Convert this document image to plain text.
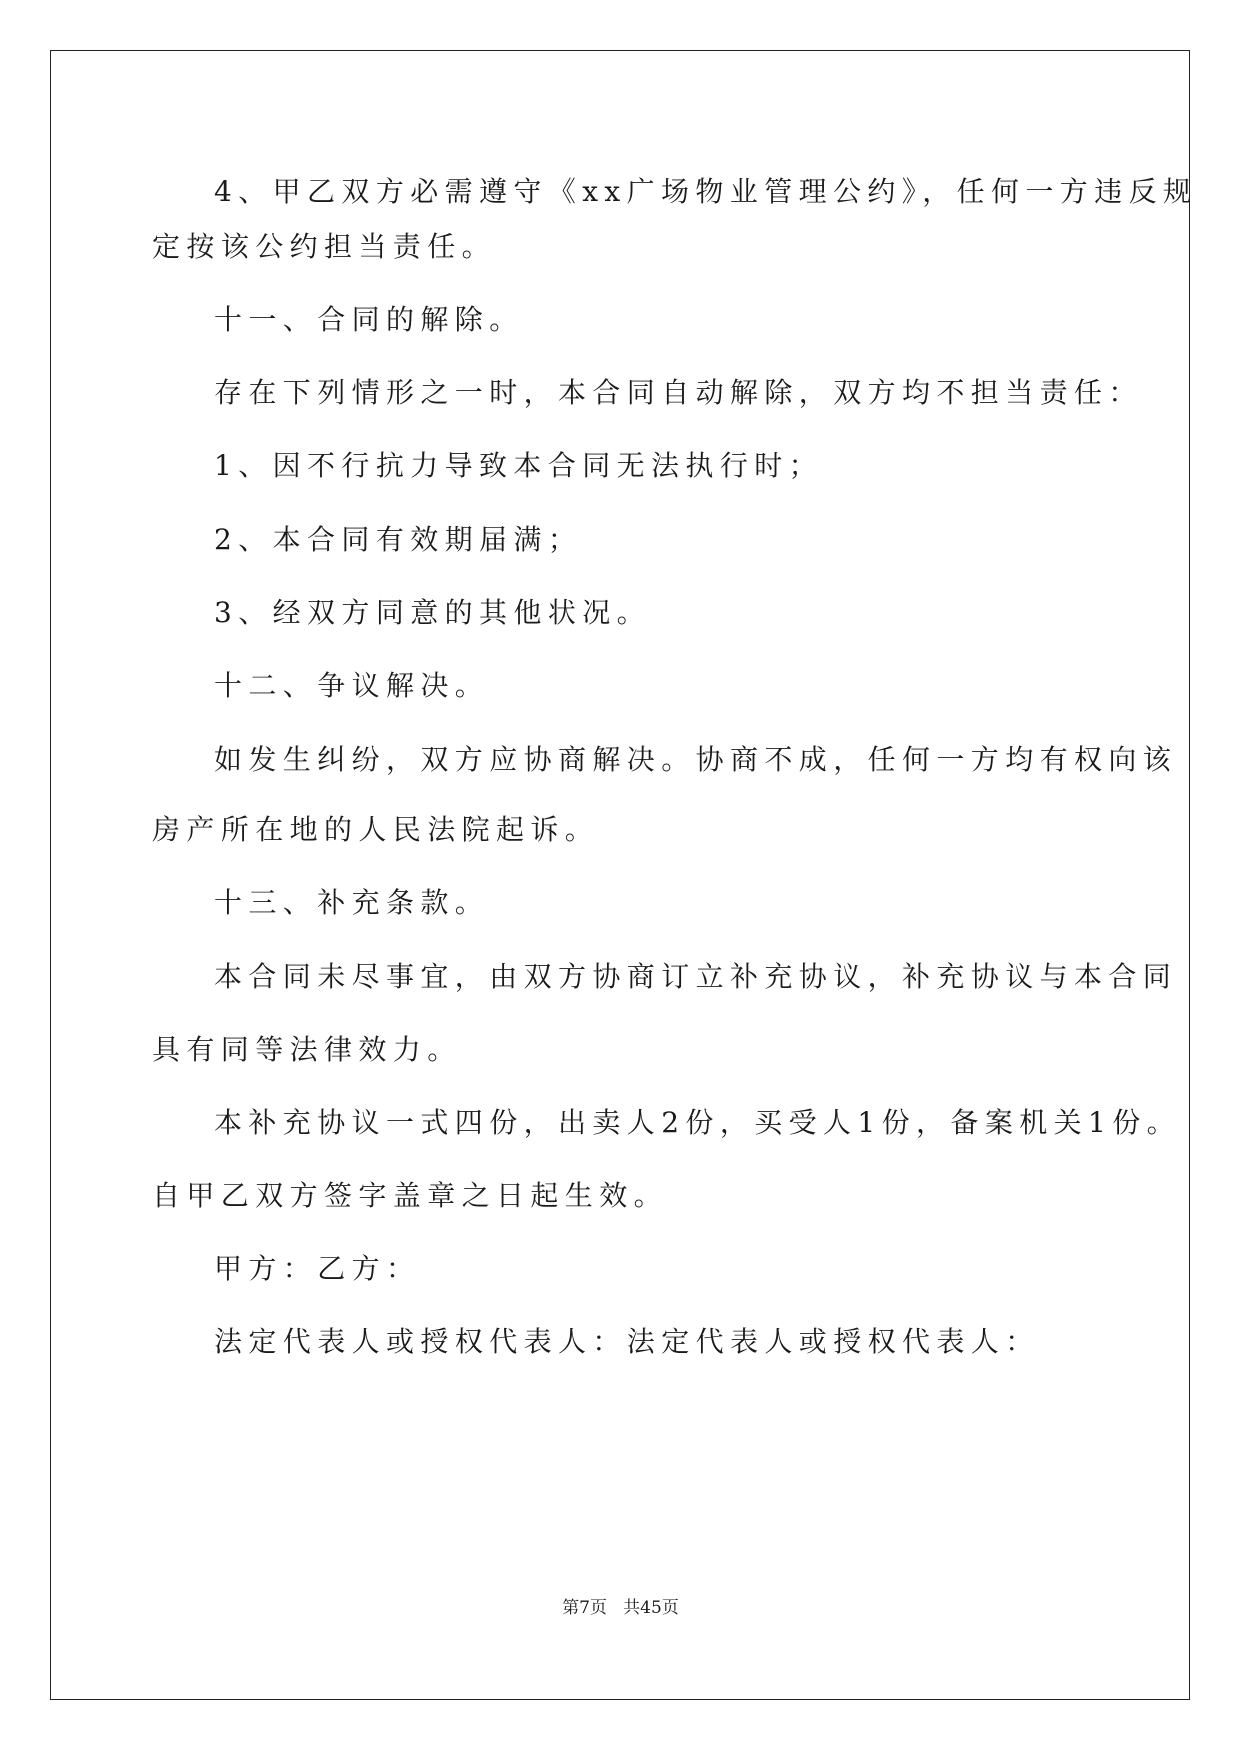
4、甲乙双方必需遵守《xx广场物业管理公约》，任何一方违反规
定按该公约担当责任。
十一、合同的解除。
存在下列情形之一时，本合同自动解除，双方均不担当责任：
1、因不行抗力导致本合同无法执行时；
2、本合同有效期届满；
3、经双方同意的其他状况。
十二、争议解决。
如发生纠纷，双方应协商解决。协商不成，任何一方均有权向该
房产所在地的人民法院起诉。
十三、补充条款。
本合同未尽事宜，由双方协商订立补充协议，补充协议与本合同
具有同等法律效力。
本补充协议一式四份，出卖人2份，买受人1份，备案机关1份。
自甲乙双方签字盖章之日起生效。
甲方：乙方：
法定代表人或授权代表人：法定代表人或授权代表人：
第7页   共45页
